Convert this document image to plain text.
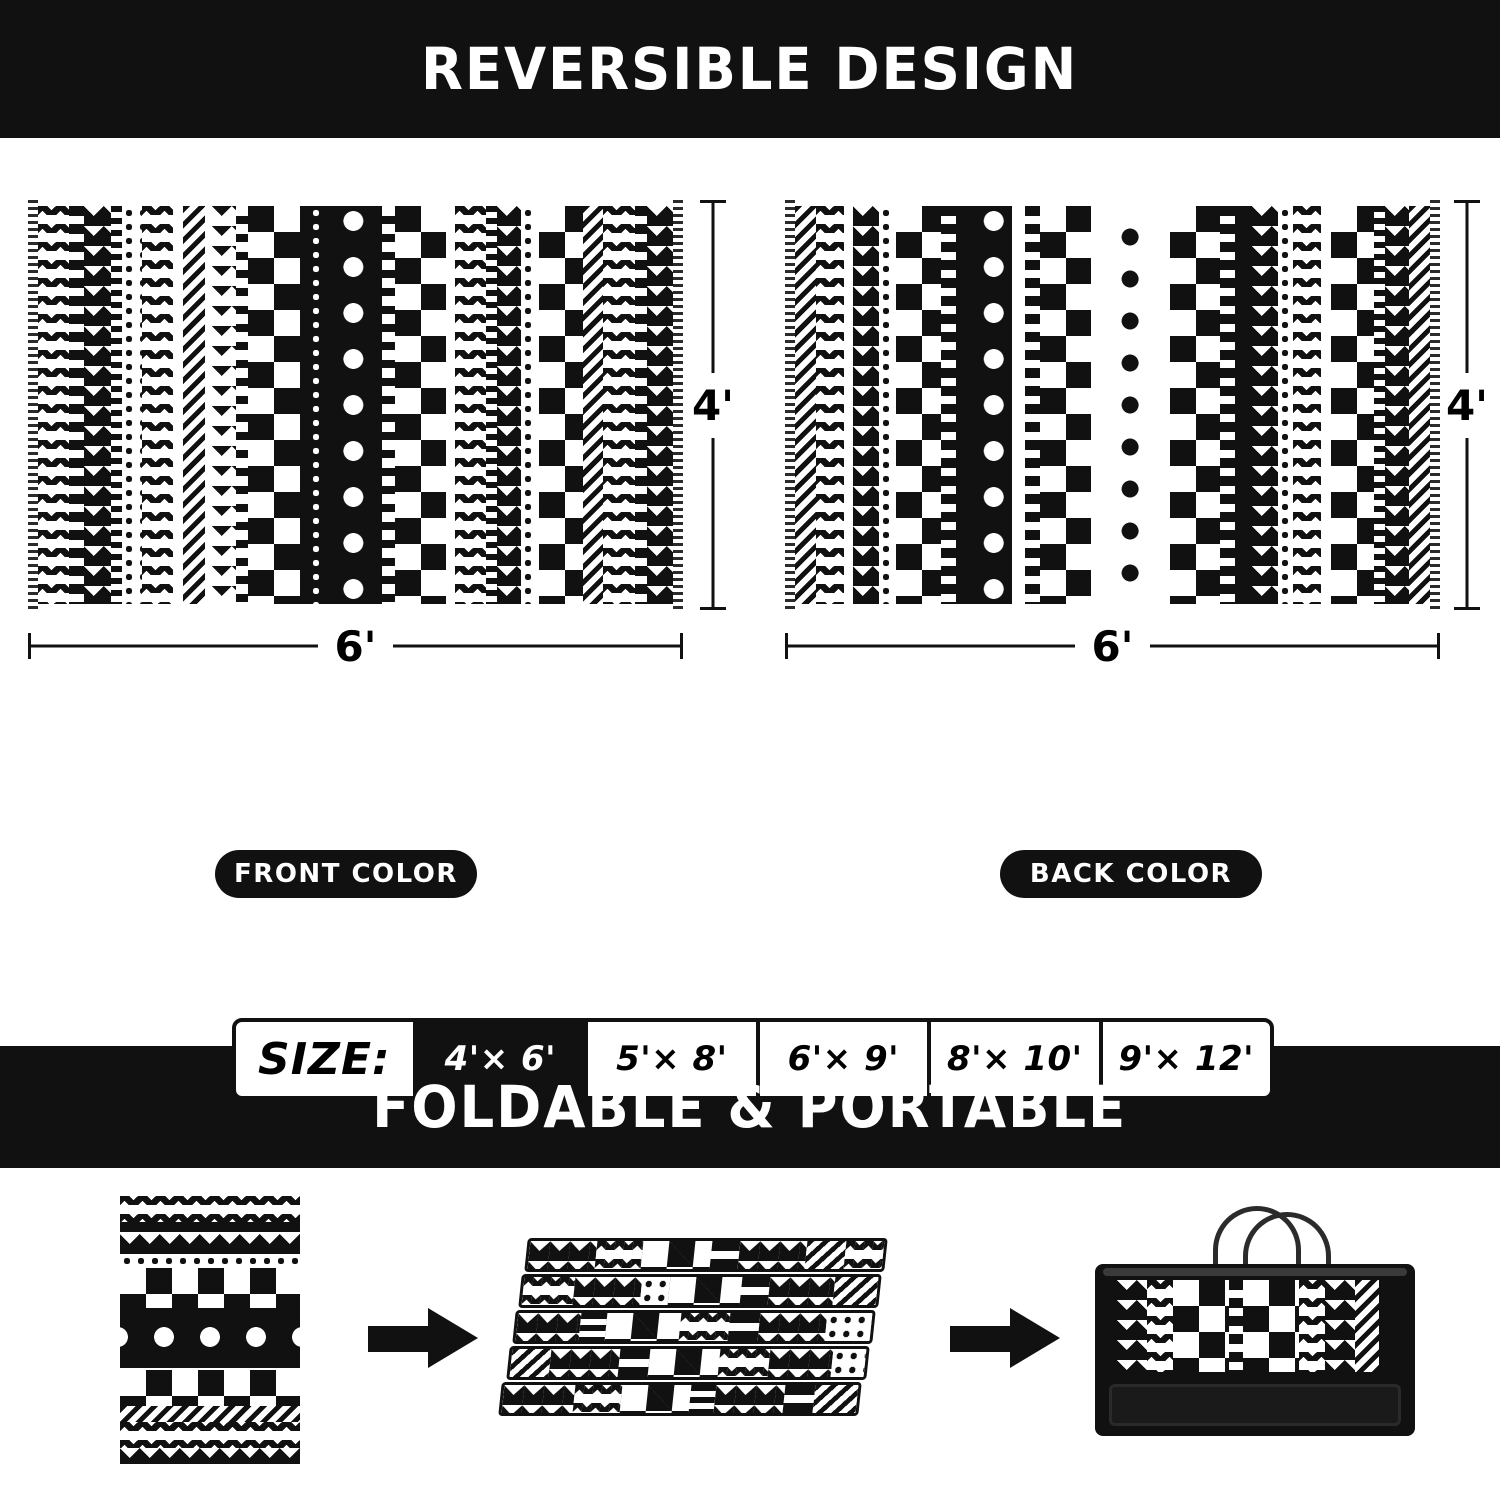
REVERSIBLE DESIGN
6'
4'
6'
4'
FRONT COLOR	BACK COLOR
SIZE:	4'× 6'	5'× 8'	6'× 9'	8'× 10'	9'× 12'
FOLDABLE & PORTABLE
